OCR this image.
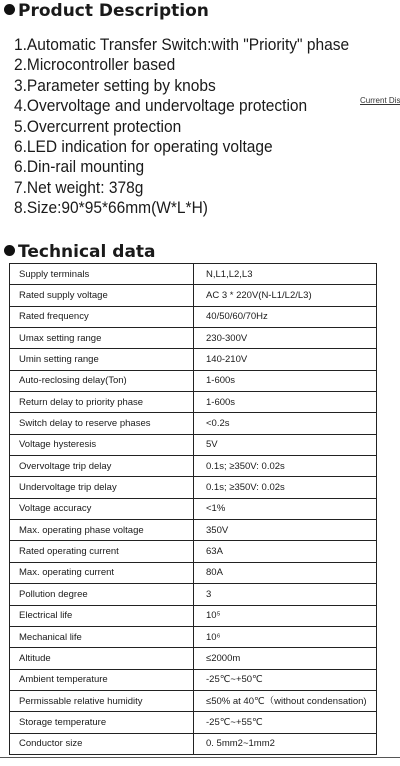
Product Description
1.Automatic Transfer Switch:with "Priority" phase
2.Microcontroller based
3.Parameter setting by knobs
4.Overvoltage and undervoltage protection
5.Overcurrent protection
6.LED indication for operating voltage
6.Din-rail mounting
7.Net weight: 378g
8.Size:90*95*66mm(W*L*H)
Current Dis
Technical data
Supply terminals	N,L1,L2,L3
Rated supply voltage	AC 3 * 220V(N-L1/L2/L3)
Rated frequency	40/50/60/70Hz
Umax setting range	230-300V
Umin setting range	140-210V
Auto-reclosing delay(Ton)	1-600s
Return delay to priority phase	1-600s
Switch delay to reserve phases	<0.2s
Voltage hysteresis	5V
Overvoltage trip delay	0.1s; ≥350V: 0.02s
Undervoltage trip delay	0.1s; ≥350V: 0.02s
Voltage accuracy	<1%
Max. operating phase voltage	350V
Rated operating current	63A
Max. operating current	80A
Pollution degree	3
Electrical life	10⁵
Mechanical life	10⁶
Altitude	≤2000m
Ambient temperature	-25℃~+50℃
Permissable relative humidity	≤50% at 40℃（without condensation)
Storage temperature	-25℃~+55℃
Conductor size	0. 5mm2~1mm2
